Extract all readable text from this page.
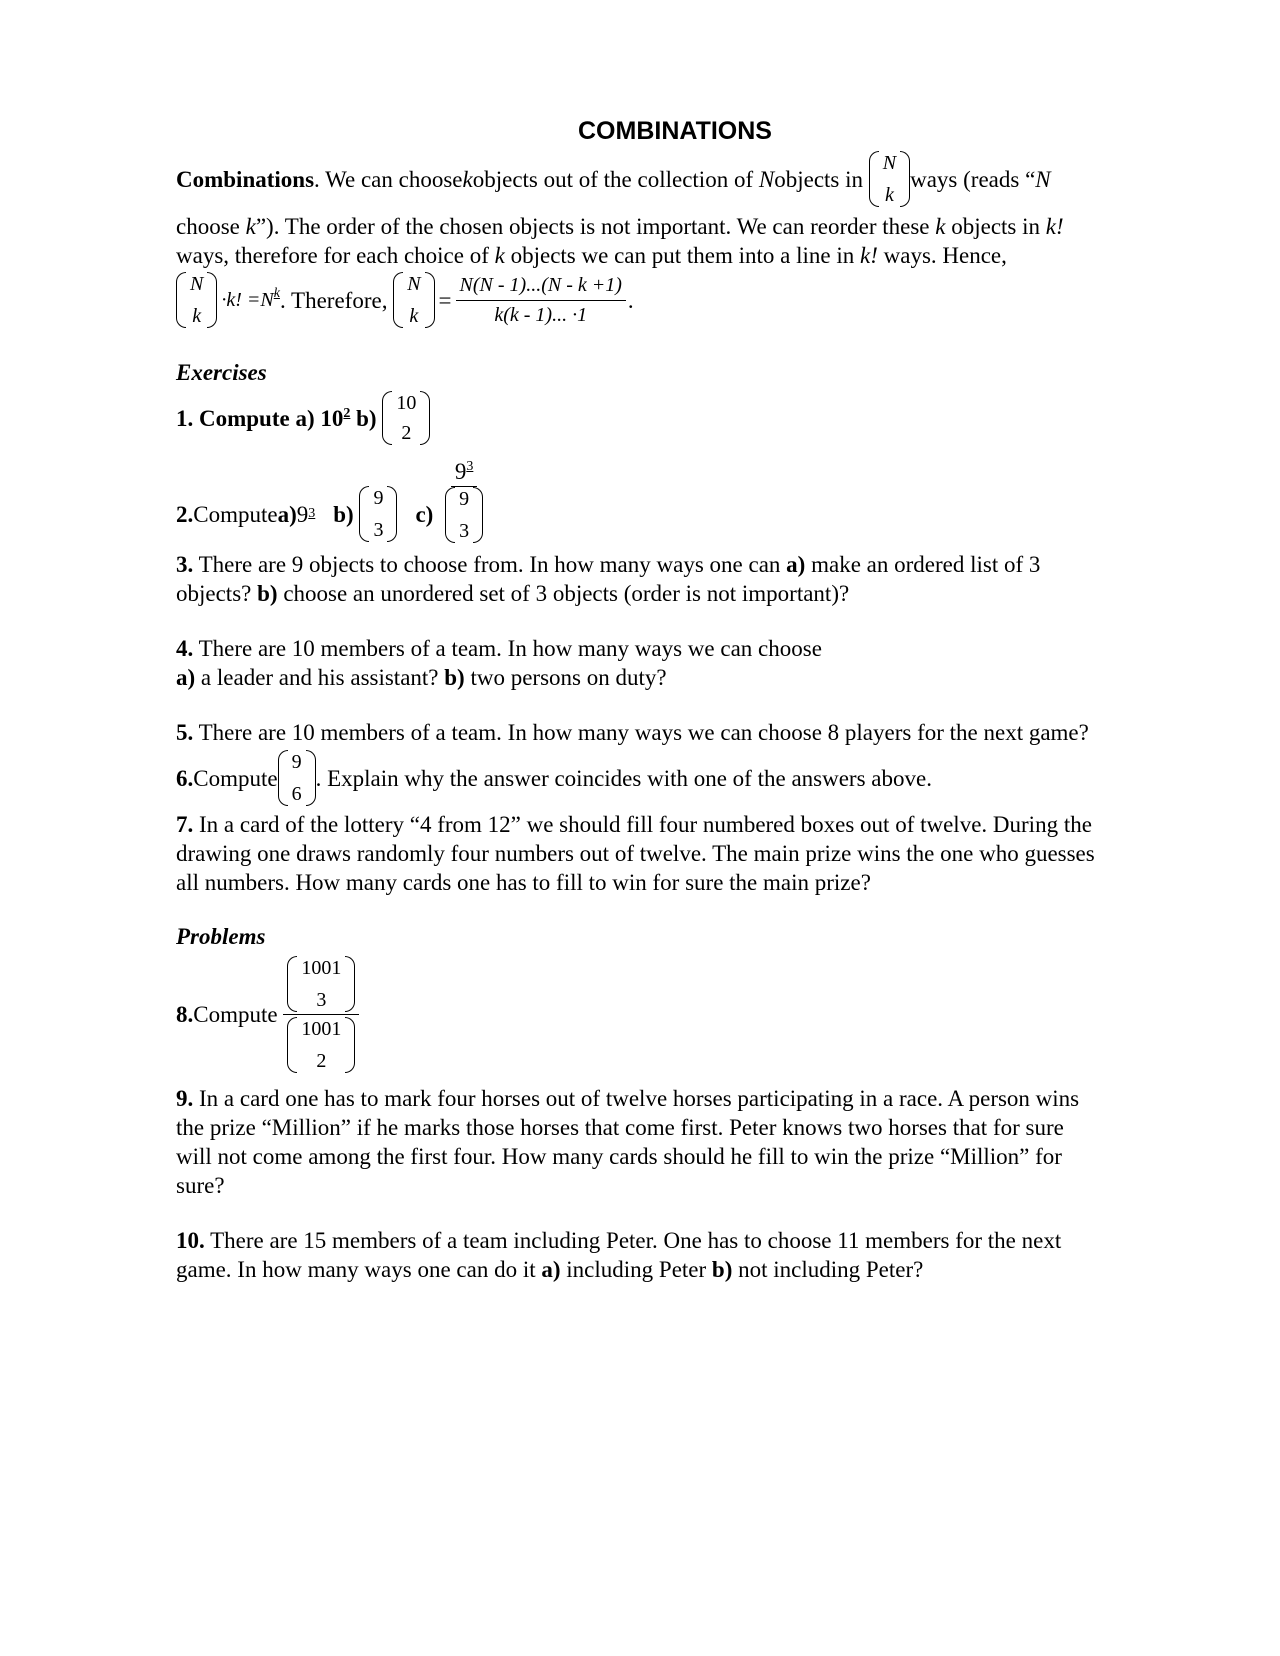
COMBINATIONS
Combinations . We can choose k objects out of the collection of
N objects in

N
k
ways (reads “ N
choose k”). The order of the chosen objects is not important. We can reorder these k objects in k!
ways, therefore for each choice of k objects we can put them into a line in k! ways. Hence,
N
k
·k! $=N^k$ . Therefore,

N
k
= $\frac{N(N - 1)...(N - k +1)}{k(k - 1)... \cdot 1}$ .
Exercises
1. Compute a) $10^2$ b)

10
2
2. Compute a) 9 3 b)

9
3
c)
$9^3$
9
3
3. There are 9 objects to choose from. In how many ways one can a) make an ordered list of 3
objects? b) choose an unordered set of 3 objects (order is not important)?
4. There are 10 members of a team. In how many ways we can choose
a) a leader and his assistant? b) two persons on duty?
5. There are 10 members of a team. In how many ways we can choose 8 players for the next game?
6. Compute
9
6
. Explain why the answer coincides with one of the answers above.
7. In a card of the lottery “4 from 12” we should fill four numbered boxes out of twelve. During the
drawing one draws randomly four numbers out of twelve. The main prize wins the one who guesses
all numbers. How many cards one has to fill to win for sure the main prize?
Problems
8. Compute
1001
3
1001
2
9. In a card one has to mark four horses out of twelve horses participating in a race. A person wins
the prize “Million” if he marks those horses that come first. Peter knows two horses that for sure
will not come among the first four. How many cards should he fill to win the prize “Million” for
sure?
10. There are 15 members of a team including Peter. One has to choose 11 members for the next
game. In how many ways one can do it a) including Peter b) not including Peter?
